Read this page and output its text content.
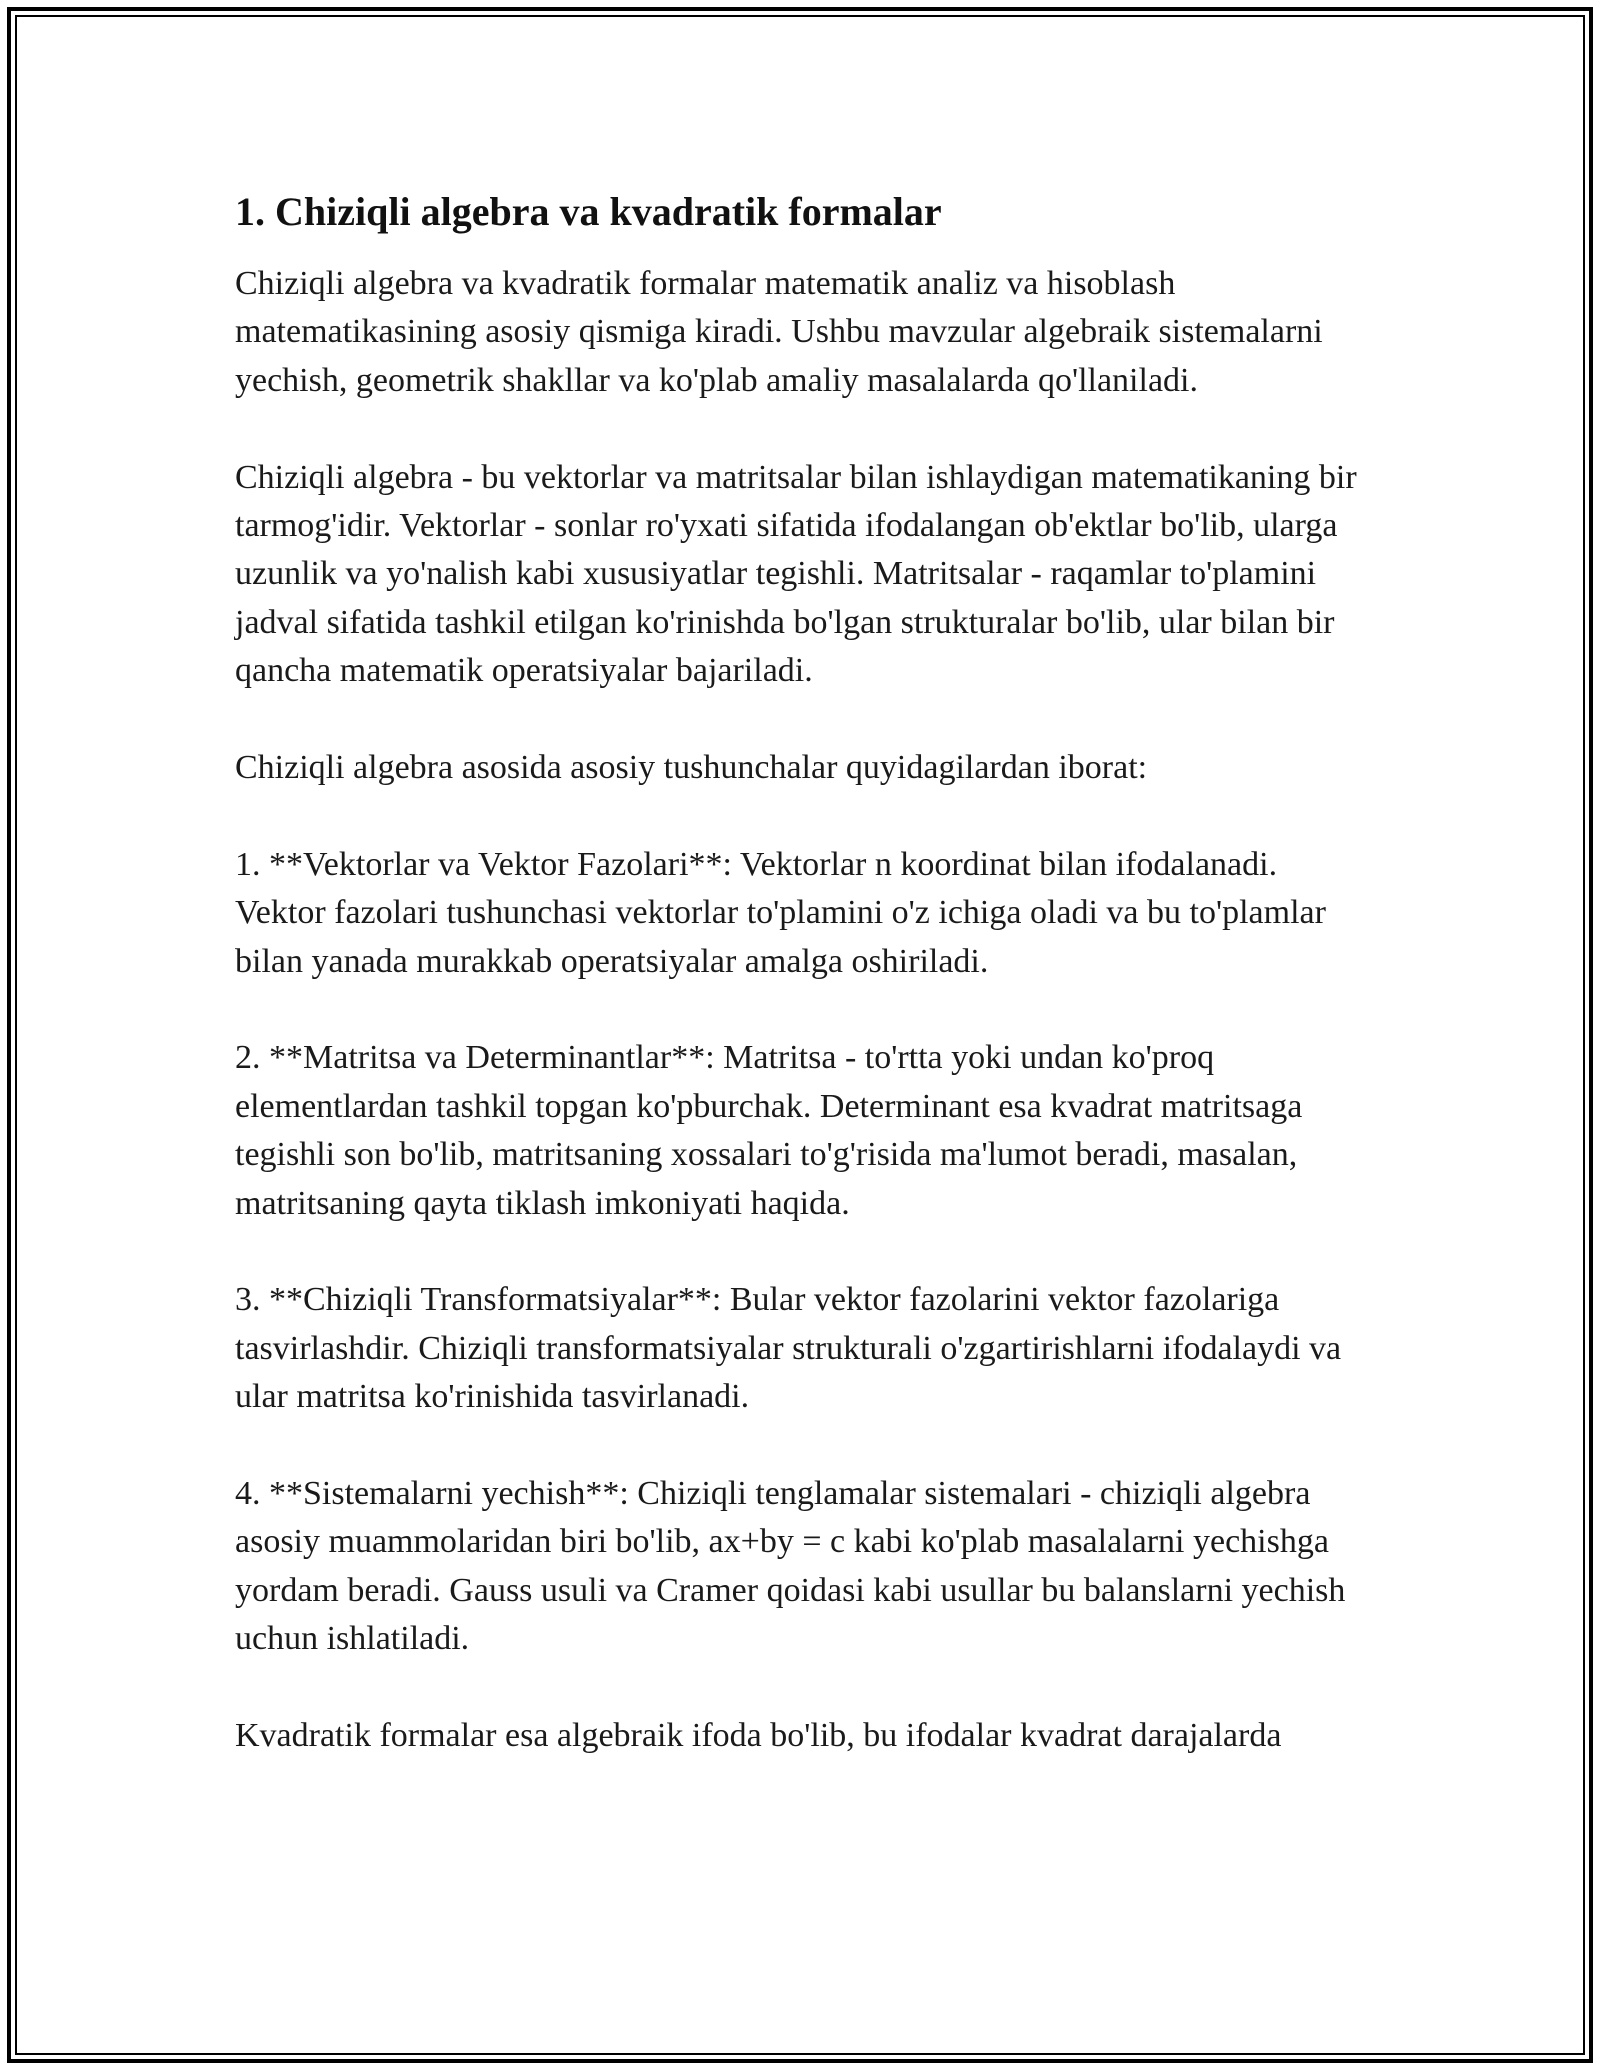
1. Chiziqli algebra va kvadratik formalar

Chiziqli algebra va kvadratik formalar matematik analiz va hisoblash matematikasining asosiy qismiga kiradi. Ushbu mavzular algebraik sistemalarni yechish, geometrik shakllar va ko'plab amaliy masalalarda qo'llaniladi.

Chiziqli algebra - bu vektorlar va matritsalar bilan ishlaydigan matematikaning bir tarmog'idir. Vektorlar - sonlar ro'yxati sifatida ifodalangan ob'ektlar bo'lib, ularga uzunlik va yo'nalish kabi xususiyatlar tegishli. Matritsalar - raqamlar to'plamini jadval sifatida tashkil etilgan ko'rinishda bo'lgan strukturalar bo'lib, ular bilan bir qancha matematik operatsiyalar bajariladi.

Chiziqli algebra asosida asosiy tushunchalar quyidagilardan iborat:

1. **Vektorlar va Vektor Fazolari**: Vektorlar n koordinat bilan ifodalanadi. Vektor fazolari tushunchasi vektorlar to'plamini o'z ichiga oladi va bu to'plamlar bilan yanada murakkab operatsiyalar amalga oshiriladi.

2. **Matritsa va Determinantlar**: Matritsa - to'rtta yoki undan ko'proq elementlardan tashkil topgan ko'pburchak. Determinant esa kvadrat matritsaga tegishli son bo'lib, matritsaning xossalari to'g'risida ma'lumot beradi, masalan, matritsaning qayta tiklash imkoniyati haqida.

3. **Chiziqli Transformatsiyalar**: Bular vektor fazolarini vektor fazolariga tasvirlashdir. Chiziqli transformatsiyalar strukturali o'zgartirishlarni ifodalaydi va ular matritsa ko'rinishida tasvirlanadi.

4. **Sistemalarni yechish**: Chiziqli tenglamalar sistemalari - chiziqli algebra asosiy muammolaridan biri bo'lib, ax+by = c kabi ko'plab masalalarni yechishga yordam beradi. Gauss usuli va Cramer qoidasi kabi usullar bu balanslarni yechish uchun ishlatiladi.

Kvadratik formalar esa algebraik ifoda bo'lib, bu ifodalar kvadrat darajalarda
